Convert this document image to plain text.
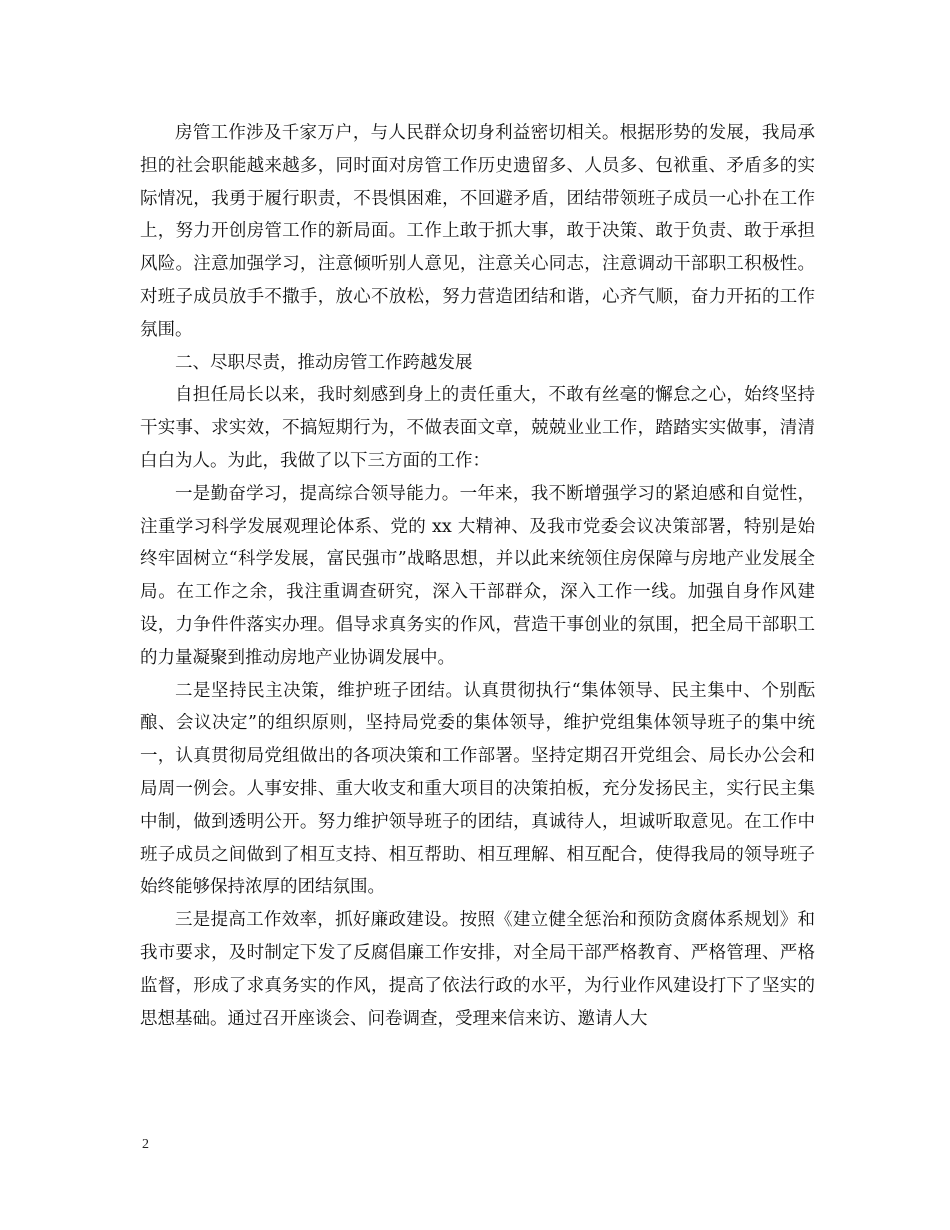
房管工作涉及千家万户，与人民群众切身利益密切相关。根据形势的发展，我局承担的社会职能越来越多，同时面对房管工作历史遗留多、人员多、包袱重、矛盾多的实际情况，我勇于履行职责，不畏惧困难，不回避矛盾，团结带领班子成员一心扑在工作上，努力开创房管工作的新局面。工作上敢于抓大事，敢于决策、敢于负责、敢于承担风险。注意加强学习，注意倾听别人意见，注意关心同志，注意调动干部职工积极性。对班子成员放手不撒手，放心不放松，努力营造团结和谐，心齐气顺，奋力开拓的工作氛围。

二、尽职尽责，推动房管工作跨越发展

自担任局长以来，我时刻感到身上的责任重大，不敢有丝毫的懈怠之心，始终坚持干实事、求实效，不搞短期行为，不做表面文章，兢兢业业工作，踏踏实实做事，清清白白为人。为此，我做了以下三方面的工作：

一是勤奋学习，提高综合领导能力。一年来，我不断增强学习的紧迫感和自觉性，注重学习科学发展观理论体系、党的 xx 大精神、及我市党委会议决策部署，特别是始终牢固树立“科学发展，富民强市”战略思想，并以此来统领住房保障与房地产业发展全局。在工作之余，我注重调查研究，深入干部群众，深入工作一线。加强自身作风建设，力争件件落实办理。倡导求真务实的作风，营造干事创业的氛围，把全局干部职工的力量凝聚到推动房地产业协调发展中。

二是坚持民主决策，维护班子团结。认真贯彻执行“集体领导、民主集中、个别酝酿、会议决定”的组织原则，坚持局党委的集体领导，维护党组集体领导班子的集中统一，认真贯彻局党组做出的各项决策和工作部署。坚持定期召开党组会、局长办公会和局周一例会。人事安排、重大收支和重大项目的决策拍板，充分发扬民主，实行民主集中制，做到透明公开。努力维护领导班子的团结，真诚待人，坦诚听取意见。在工作中班子成员之间做到了相互支持、相互帮助、相互理解、相互配合，使得我局的领导班子始终能够保持浓厚的团结氛围。

三是提高工作效率，抓好廉政建设。按照《建立健全惩治和预防贪腐体系规划》和我市要求，及时制定下发了反腐倡廉工作安排，对全局干部严格教育、严格管理、严格监督，形成了求真务实的作风，提高了依法行政的水平，为行业作风建设打下了坚实的思想基础。通过召开座谈会、问卷调查，受理来信来访、邀请人大

2
